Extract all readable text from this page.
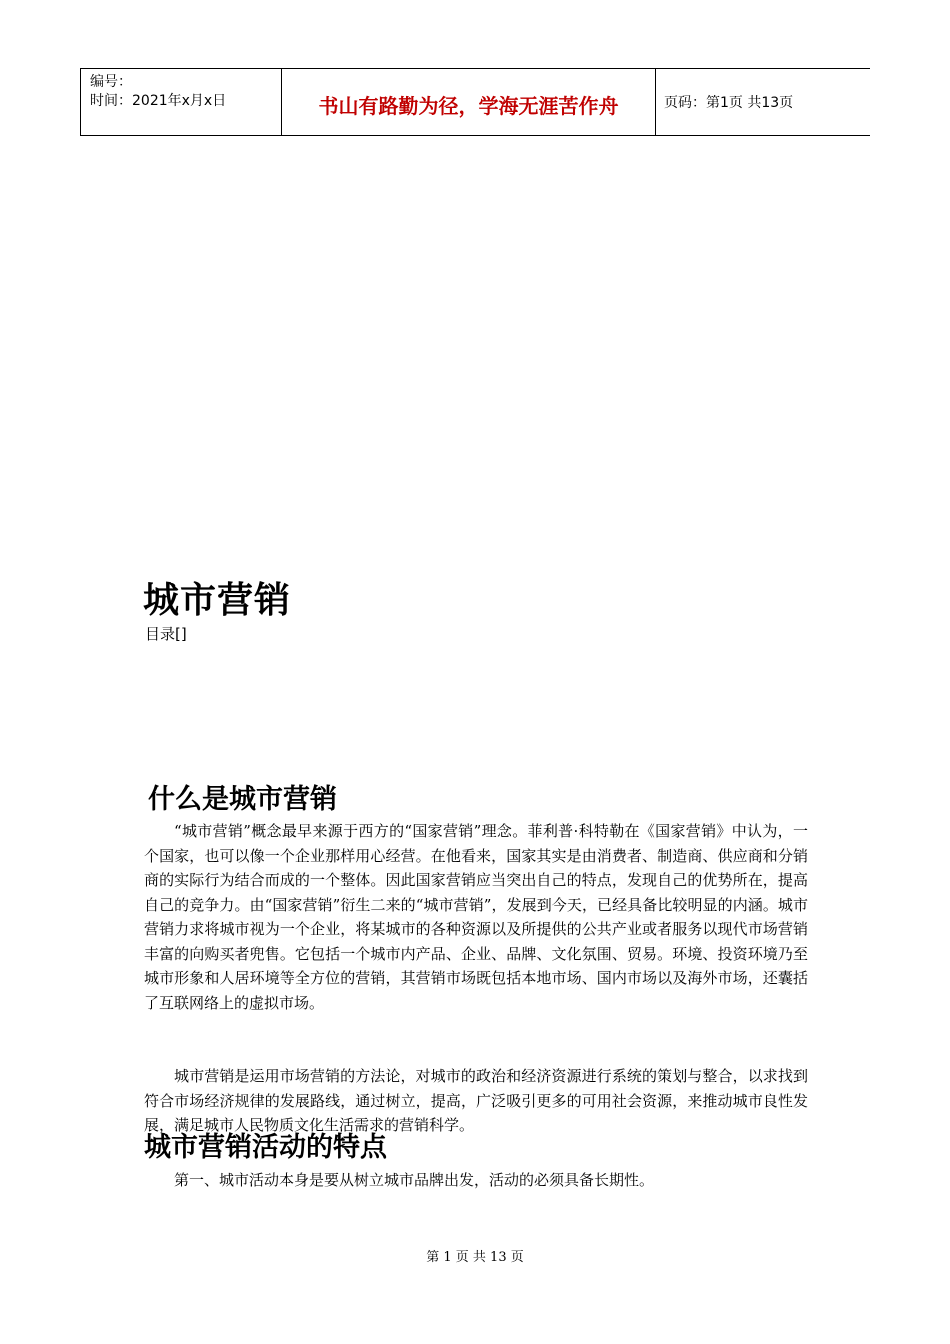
编号：
时间：2021年x月x日	书山有路勤为径，学海无涯苦作舟	页码：第1页 共13页
城市营销
目录[]
什么是城市营销

“城市营销”概念最早来源于西方的“国家营销”理念。菲利普·科特勒在《国家营销》中认为，一个国家，也可以像一个企业那样用心经营。在他看来，国家其实是由消费者、制造商、供应商和分销商的实际行为结合而成的一个整体。因此国家营销应当突出自己的特点，发现自己的优势所在，提高自己的竞争力。由“国家营销”衍生二来的“城市营销”，发展到今天，已经具备比较明显的内涵。城市营销力求将城市视为一个企业，将某城市的各种资源以及所提供的公共产业或者服务以现代市场营销丰富的向购买者兜售。它包括一个城市内产品、企业、品牌、文化氛围、贸易。环境、投资环境乃至城市形象和人居环境等全方位的营销，其营销市场既包括本地市场、国内市场以及海外市场，还囊括了互联网络上的虚拟市场。

城市营销是运用市场营销的方法论，对城市的政治和经济资源进行系统的策划与整合，以求找到符合市场经济规律的发展路线，通过树立，提高，广泛吸引更多的可用社会资源，来推动城市良性发展，满足城市人民物质文化生活需求的营销科学。

城市营销活动的特点

第一、城市活动本身是要从树立城市品牌出发，活动的必须具备长期性。

第 1 页 共 13 页
